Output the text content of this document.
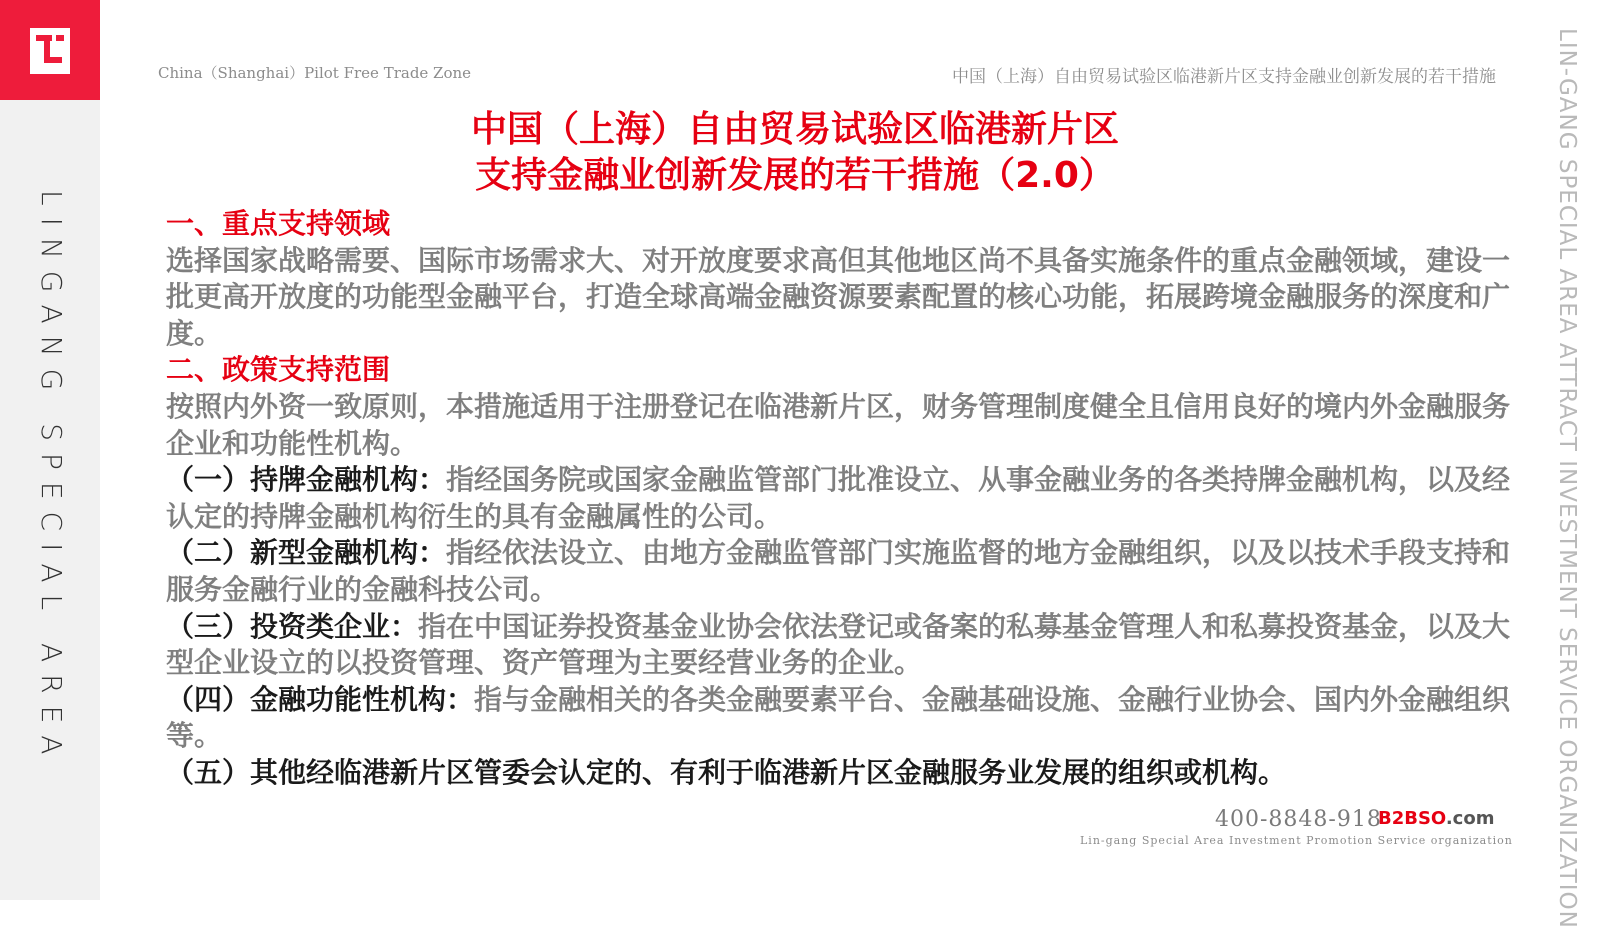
LINGANG SPECIAL AREA
China（Shanghai）Pilot Free Trade Zone	中国（上海）自由贸易试验区临港新片区支持金融业创新发展的若干措施
中国（上海）自由贸易试验区临港新片区
支持金融业创新发展的若干措施（2.0）

一、重点支持领域

选择国家战略需要、国际市场需求大、对开放度要求高但其他地区尚不具备实施条件的重点金融领域，建设一批更高开放度的功能型金融平台，打造全球高端金融资源要素配置的核心功能，拓展跨境金融服务的深度和广度。

二、政策支持范围

按照内外资一致原则，本措施适用于注册登记在临港新片区，财务管理制度健全且信用良好的境内外金融服务企业和功能性机构。

（一）持牌金融机构：指经国务院或国家金融监管部门批准设立、从事金融业务的各类持牌金融机构，以及经认定的持牌金融机构衍生的具有金融属性的公司。

（二）新型金融机构：指经依法设立、由地方金融监管部门实施监督的地方金融组织，以及以技术手段支持和服务金融行业的金融科技公司。

（三）投资类企业：指在中国证券投资基金业协会依法登记或备案的私募基金管理人和私募投资基金，以及大型企业设立的以投资管理、资产管理为主要经营业务的企业。

（四）金融功能性机构：指与金融相关的各类金融要素平台、金融基础设施、金融行业协会、国内外金融组织等。

（五）其他经临港新片区管委会认定的、有利于临港新片区金融服务业发展的组织或机构。

400-8848-918
B2BSO.com
Lin-gang Special Area Investment Promotion Service organization	LIN-GANG SPECIAL AREA ATTRACT INVESTMENT SERVICE ORGANIZATION
